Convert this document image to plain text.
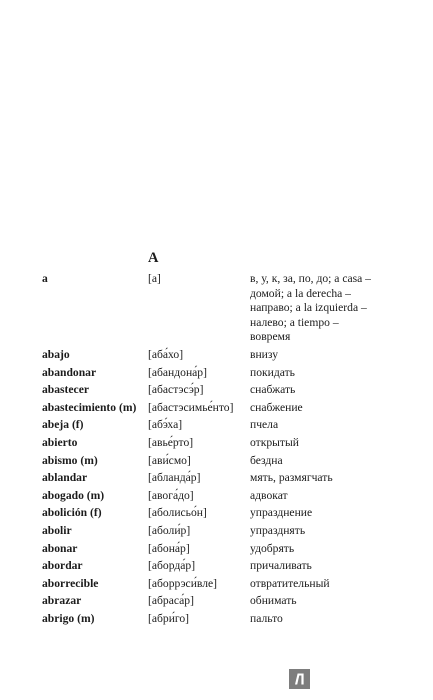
A
a	[a]	в, у, к, за, по, до; a casa – домой; a la derecha – направо; a la izquierda – налево; a tiempo – вовремя
abajo	[аба́хо]	внизу
abandonar	[абандона́р]	покидать
abastecer	[абастэсэ́р]	снабжать
abastecimiento (m)	[абастэсимье́нто]	снабжение
abeja (f)	[абэ́ха]	пчела
abierto	[авье́рто]	открытый
abismo (m)	[ави́смо]	бездна
ablandar	[абланда́р]	мять, размягчать
abogado (m)	[авога́до]	адвокат
abolición (f)	[аболисьо́н]	упразднение
abolir	[аболи́р]	упразднять
abonar	[абона́р]	удобрять
abordar	[аборда́р]	причаливать
aborrecible	[аборрэси́вле]	отвратительный
abrazar	[абраса́р]	обнимать
abrigo (m)	[абри́го]	пальто
